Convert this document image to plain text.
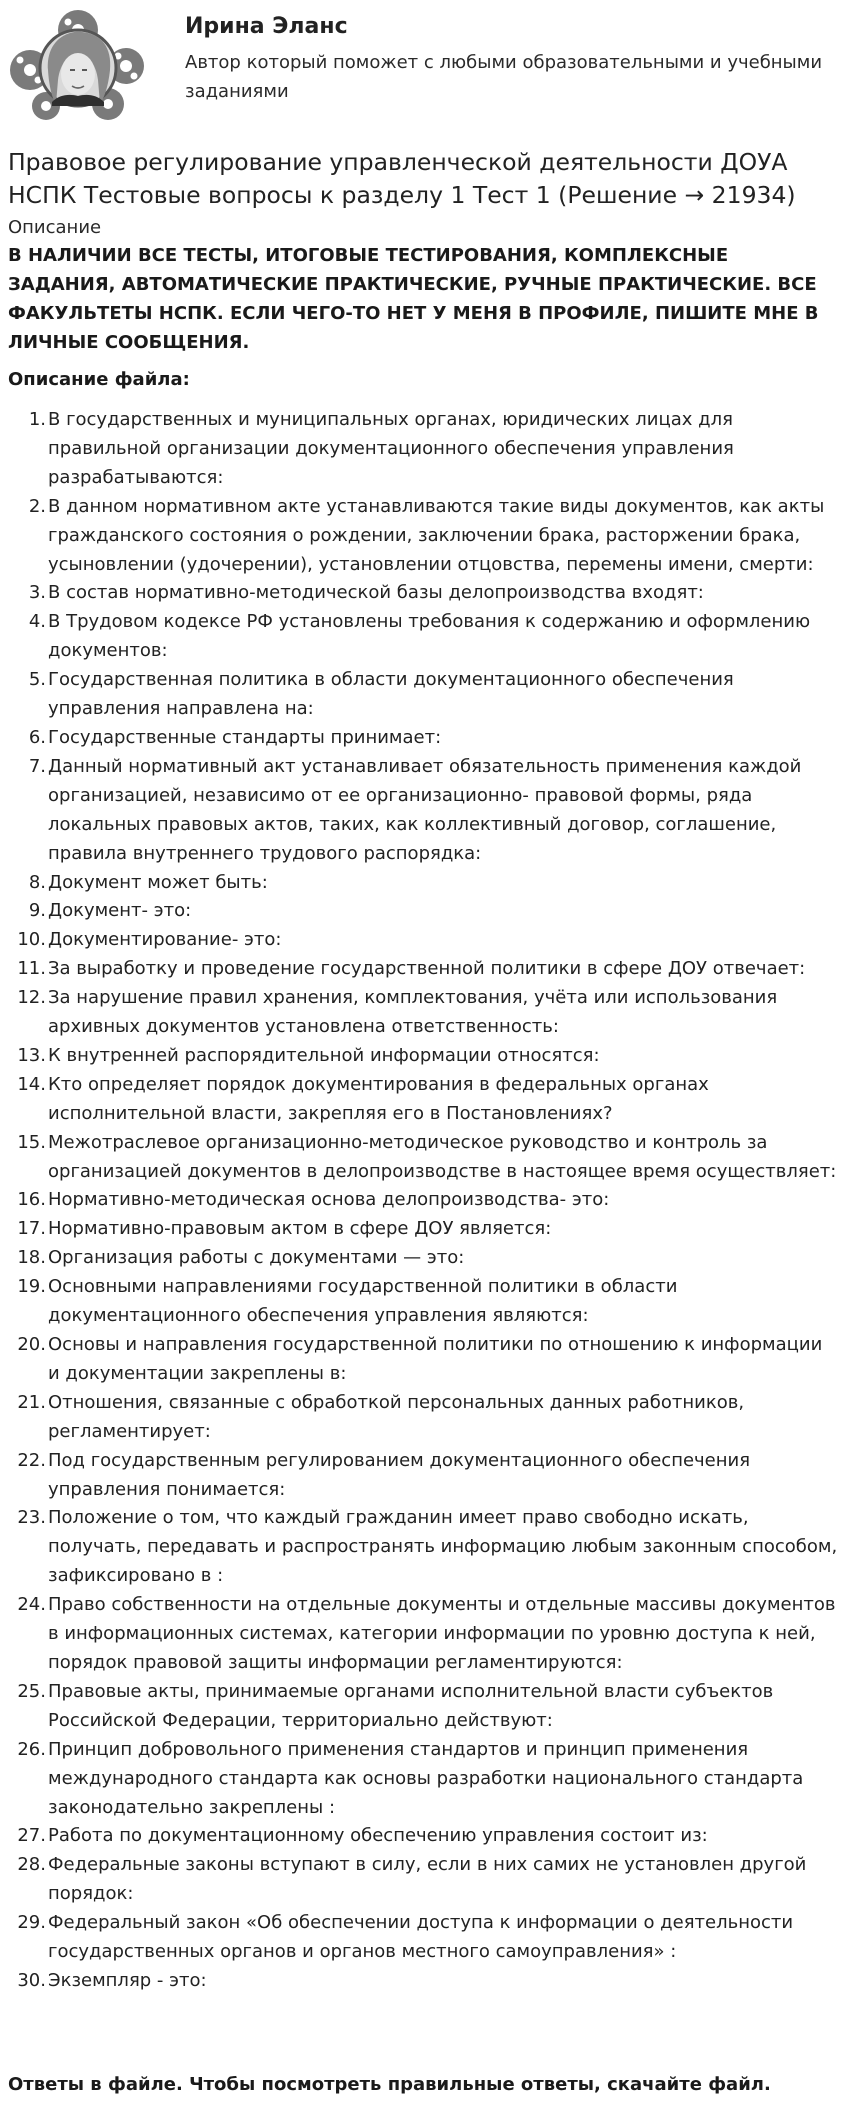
Ирина Эланс
Автор который поможет с любыми образовательными и учебными заданиями
Правовое регулирование управленческой деятельности ДОУА НСПК Тестовые вопросы к разделу 1 Тест 1 (Решение → 21934)
Описание
В НАЛИЧИИ ВСЕ ТЕСТЫ, ИТОГОВЫЕ ТЕСТИРОВАНИЯ, КОМПЛЕКСНЫЕ ЗАДАНИЯ, АВТОМАТИЧЕСКИЕ ПРАКТИЧЕСКИЕ, РУЧНЫЕ ПРАКТИЧЕСКИЕ. ВСЕ ФАКУЛЬТЕТЫ НСПК. ЕСЛИ ЧЕГО-ТО НЕТ У МЕНЯ В ПРОФИЛЕ, ПИШИТЕ МНЕ В ЛИЧНЫЕ СООБЩЕНИЯ.
Описание файла:
1. В государственных и муниципальных органах, юридических лицах для правильной организации документационного обеспечения управления разрабатываются:
2. В данном нормативном акте устанавливаются такие виды документов, как акты гражданского состояния о рождении, заключении брака, расторжении брака, усыновлении (удочерении), установлении отцовства, перемены имени, смерти:
3. В состав нормативно-методической базы делопроизводства входят:
4. В Трудовом кодексе РФ установлены требования к содержанию и оформлению документов:
5. Государственная политика в области документационного обеспечения управления направлена на:
6. Государственные стандарты принимает:
7. Данный нормативный акт устанавливает обязательность применения каждой организацией, независимо от ее организационно- правовой формы, ряда локальных правовых актов, таких, как коллективный договор, соглашение, правила внутреннего трудового распорядка:
8. Документ может быть:
9. Документ- это:
10. Документирование- это:
11. За выработку и проведение государственной политики в сфере ДОУ отвечает:
12. За нарушение правил хранения, комплектования, учёта или использования архивных документов установлена ответственность:
13. К внутренней распорядительной информации относятся:
14. Кто определяет порядок документирования в федеральных органах исполнительной власти, закрепляя его в Постановлениях?
15. Межотраслевое организационно-методическое руководство и контроль за организацией документов в делопроизводстве в настоящее время осуществляет:
16. Нормативно-методическая основа делопроизводства- это:
17. Нормативно-правовым актом в сфере ДОУ является:
18. Организация работы с документами — это:
19. Основными направлениями государственной политики в области документационного обеспечения управления являются:
20. Основы и направления государственной политики по отношению к информации и документации закреплены в:
21. Отношения, связанные с обработкой персональных данных работников, регламентирует:
22. Под государственным регулированием документационного обеспечения управления понимается:
23. Положение о том, что каждый гражданин имеет право свободно искать, получать, передавать и распространять информацию любым законным способом, зафиксировано в :
24. Право собственности на отдельные документы и отдельные массивы документов в информационных системах, категории информации по уровню доступа к ней, порядок правовой защиты информации регламентируются:
25. Правовые акты, принимаемые органами исполнительной власти субъектов Российской Федерации, территориально действуют:
26. Принцип добровольного применения стандартов и принцип применения международного стандарта как основы разработки национального стандарта законодательно закреплены :
27. Работа по документационному обеспечению управления состоит из:
28. Федеральные законы вступают в силу, если в них самих не установлен другой порядок:
29. Федеральный закон «Об обеспечении доступа к информации о деятельности государственных органов и органов местного самоуправления» :
30. Экземпляр - это:
Ответы в файле. Чтобы посмотреть правильные ответы, скачайте файл.
